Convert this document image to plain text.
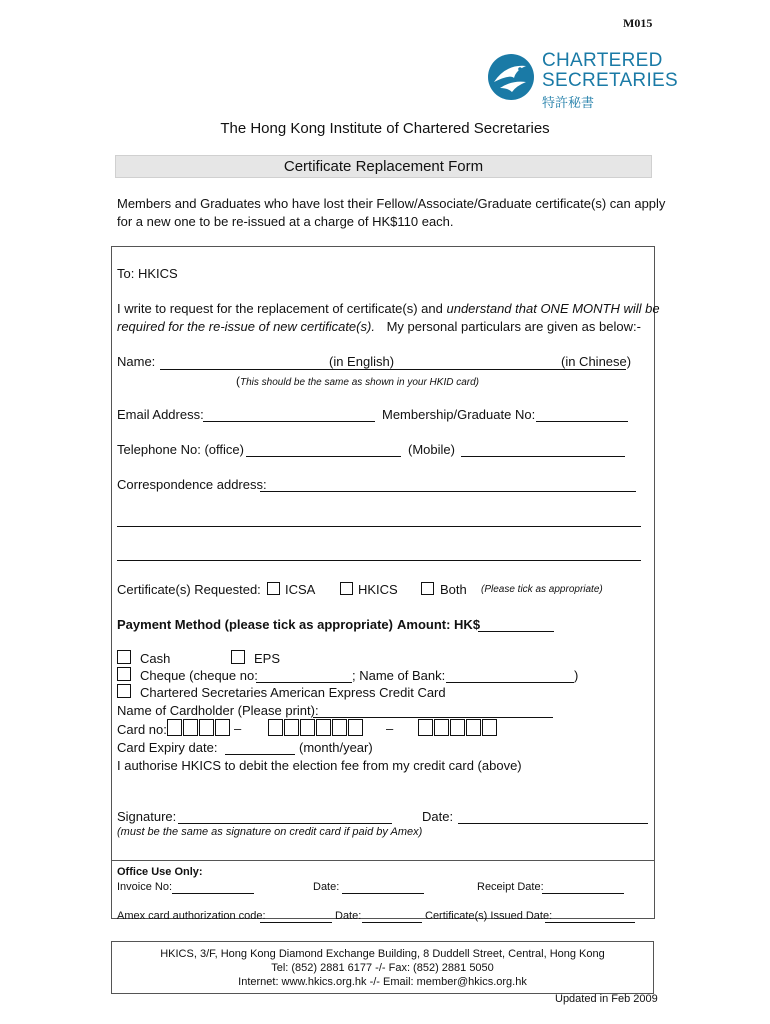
M015
CHARTERED
SECRETARIES
特許秘書
The Hong Kong Institute of Chartered Secretaries
Certificate Replacement Form
Members and Graduates who have lost their Fellow/Associate/Graduate certificate(s) can apply
for a new one to be re-issued at a charge of HK$110 each.
To: HKICS
I write to request for the replacement of certificate(s) and understand that ONE MONTH will be
required for the re-issue of new certificate(s). My personal particulars are given as below:-
Name:	(in English)	(in Chinese)
(This should be the same as shown in your HKID card)
Email Address:	Membership/Graduate No:
Telephone No: (office)	(Mobile)
Correspondence address:
Certificate(s) Requested: ICSA	HKICS	Both (Please tick as appropriate)
Payment Method (please tick as appropriate) Amount: HK$
Cash	EPS
Cheque (cheque no:	; Name of Bank:	)
Chartered Secretaries American Express Credit Card
Name of Cardholder (Please print):
Card no:	–	–
Card Expiry date:	(month/year)
I authorise HKICS to debit the election fee from my credit card (above)
Signature:	Date:
(must be the same as signature on credit card if paid by Amex)
Office Use Only:
Invoice No:	Date:	Receipt Date:
Amex card authorization code:	Date:	Certificate(s) Issued Date:
HKICS, 3/F, Hong Kong Diamond Exchange Building, 8 Duddell Street, Central, Hong Kong
Tel: (852) 2881 6177 -/- Fax: (852) 2881 5050
Internet: www.hkics.org.hk -/- Email: member@hkics.org.hk
Updated in Feb 2009
